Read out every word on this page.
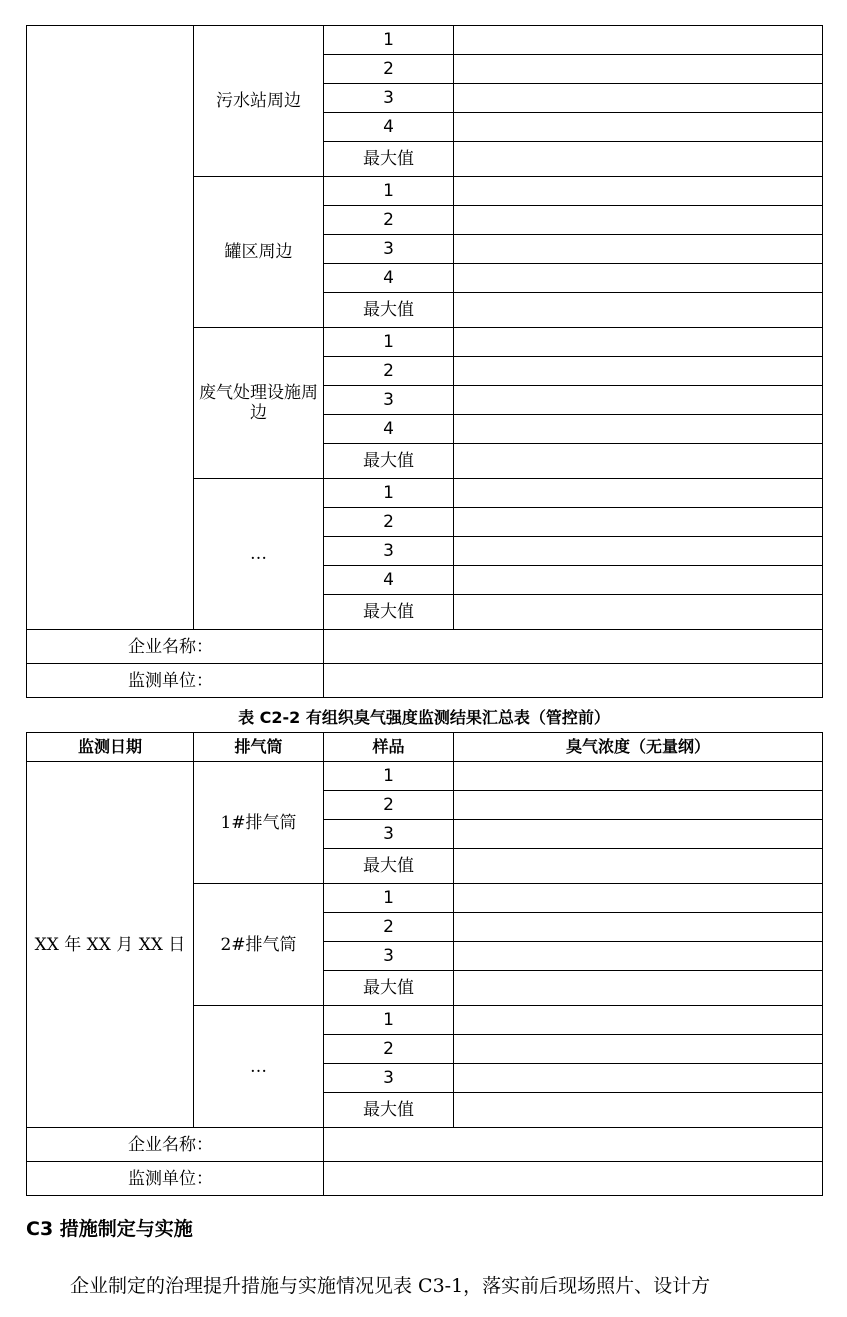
	污水站周边	1	
		2	
		3	
		4	
		最大值	
	罐区周边	1	
		2	
		3	
		4	
		最大值	
	废气处理设施周边	1	
		2	
		3	
		4	
		最大值	
	…	1	
		2	
		3	
		4	
		最大值	
企业名称：			
监测单位：			
表 C2-2 有组织臭气强度监测结果汇总表（管控前）
监测日期	排气筒	样品	臭气浓度（无量纲）
XX 年 XX 月 XX 日	1#排气筒	1	
		2	
		3	
		最大值	
	2#排气筒	1	
		2	
		3	
		最大值	
	…	1	
		2	
		3	
		最大值	
企业名称：			
监测单位：			
C3 措施制定与实施
企业制定的治理提升措施与实施情况见表 C3-1，落实前后现场照片、设计方
